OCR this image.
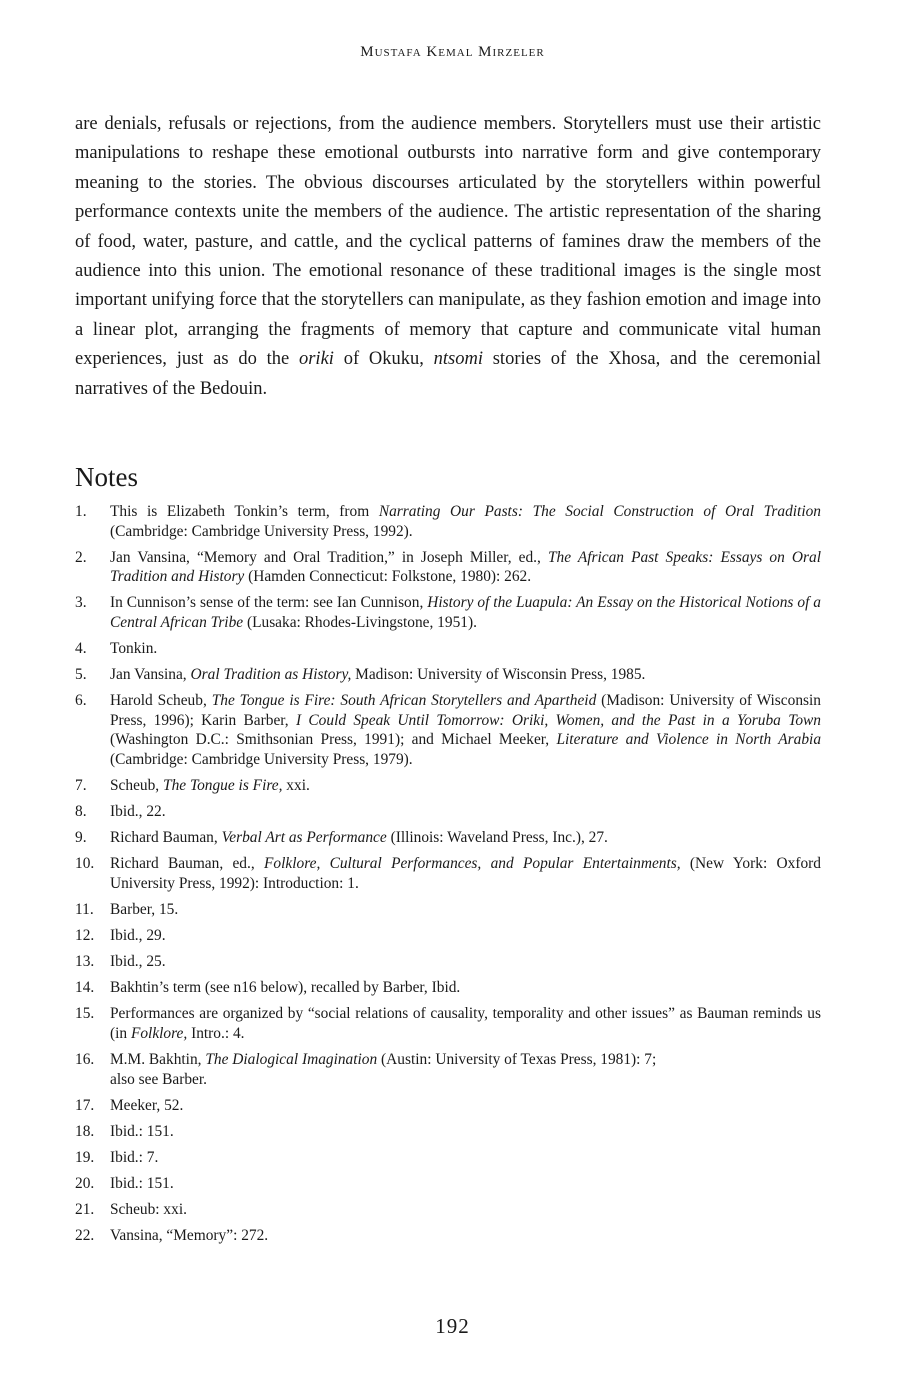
Mustafa Kemal Mirzeler

are denials, refusals or rejections, from the audience members. Storytellers must use their artistic manipulations to reshape these emotional outbursts into narrative form and give contemporary meaning to the stories. The obvious discourses articulated by the storytellers within powerful performance contexts unite the members of the audience. The artistic representation of the sharing of food, water, pasture, and cattle, and the cyclical patterns of famines draw the members of the audience into this union. The emotional resonance of these traditional images is the single most important unifying force that the storytellers can manipulate, as they fashion emotion and image into a linear plot, arranging the fragments of memory that capture and communicate vital human experiences, just as do the oriki of Okuku, ntsomi stories of the Xhosa, and the ceremonial narratives of the Bedouin.

Notes
1.	This is Elizabeth Tonkin’s term, from Narrating Our Pasts: The Social Construction of Oral Tradition (Cambridge: Cambridge University Press, 1992).
2.	Jan Vansina, “Memory and Oral Tradition,” in Joseph Miller, ed., The African Past Speaks: Essays on Oral Tradition and History (Hamden Connecticut: Folkstone, 1980): 262.
3.	In Cunnison’s sense of the term: see Ian Cunnison, History of the Luapula: An Essay on the Historical Notions of a Central African Tribe (Lusaka: Rhodes-Livingstone, 1951).
4.	Tonkin.
5.	Jan Vansina, Oral Tradition as History, Madison: University of Wisconsin Press, 1985.
6.	Harold Scheub, The Tongue is Fire: South African Storytellers and Apartheid (Madison: University of Wisconsin Press, 1996); Karin Barber, I Could Speak Until Tomorrow: Oriki, Women, and the Past in a Yoruba Town (Washington D.C.: Smithsonian Press, 1991); and Michael Meeker, Literature and Violence in North Arabia (Cambridge: Cambridge University Press, 1979).
7.	Scheub, The Tongue is Fire, xxi.
8.	Ibid., 22.
9.	Richard Bauman, Verbal Art as Performance (Illinois: Waveland Press, Inc.), 27.
10.	Richard Bauman, ed., Folklore, Cultural Performances, and Popular Entertainments, (New York: Oxford University Press, 1992): Introduction: 1.
11.	Barber, 15.
12.	Ibid., 29.
13.	Ibid., 25.
14.	Bakhtin’s term (see n16 below), recalled by Barber, Ibid.
15.	Performances are organized by “social relations of causality, temporality and other issues” as Bauman reminds us (in Folklore, Intro.: 4.
16.	M.M. Bakhtin, The Dialogical Imagination (Austin: University of Texas Press, 1981): 7;
also see Barber.
17.	Meeker, 52.
18.	Ibid.: 151.
19.	Ibid.: 7.
20.	Ibid.: 151.
21.	Scheub: xxi.
22.	Vansina, “Memory”: 272.
192
